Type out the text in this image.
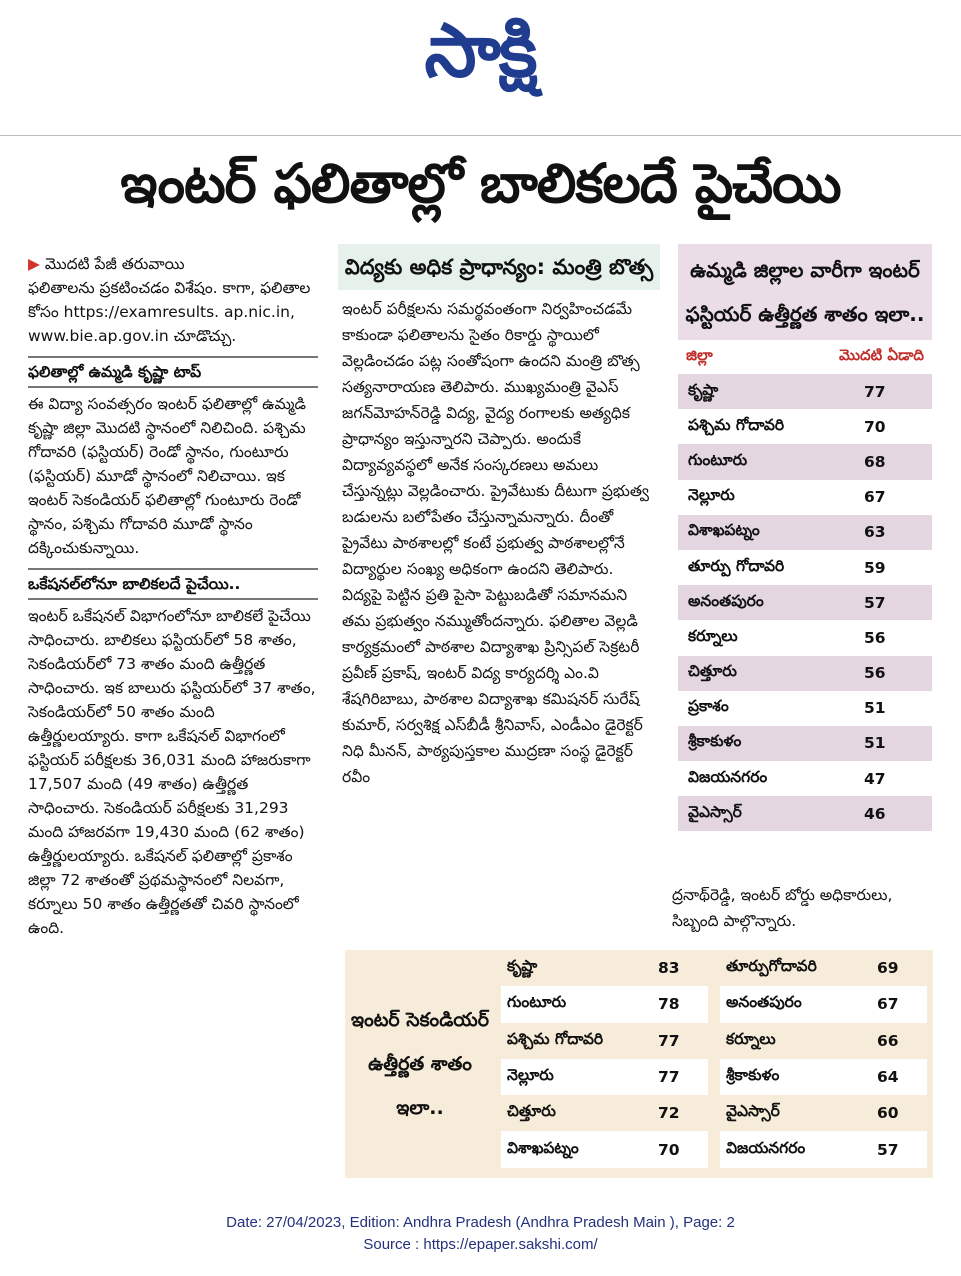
సాక్షి
ఇంటర్ ఫలితాల్లో బాలికలదే పైచేయి

▶ మొదటి పేజీ తరువాయి

ఫలితాలను ప్రకటించడం విశేషం. కాగా, ఫలితాల కోసం https://examresults. ap.nic.in, www.bie.ap.gov.in చూడొచ్చు.

ఫలితాల్లో ఉమ్మడి కృష్ణా టాప్

ఈ విద్యా సంవత్సరం ఇంటర్ ఫలితాల్లో ఉమ్మడి కృష్ణా జిల్లా మొదటి స్థానంలో నిలిచింది. పశ్చిమ గోదావరి (ఫస్టియర్) రెండో స్థానం, గుంటూరు (ఫస్టియర్) మూడో స్థానంలో నిలిచాయి. ఇక ఇంటర్ సెకండియర్ ఫలితాల్లో గుంటూరు రెండో స్థానం, పశ్చిమ గోదావరి మూడో స్థానం దక్కించుకున్నాయి.

ఒకేషనల్‌లోనూ బాలికలదే పైచేయి..

ఇంటర్ ఒకేషనల్ విభాగంలోనూ బాలికలే పైచేయి సాధించారు. బాలికలు ఫస్టియర్‌లో 58 శాతం, సెకండియర్‌లో 73 శాతం మంది ఉత్తీర్ణత సాధించారు. ఇక బాలురు ఫస్టియర్‌లో 37 శాతం, సెకండియర్‌లో 50 శాతం మంది ఉత్తీర్ణులయ్యారు. కాగా ఒకేషనల్ విభాగంలో ఫస్టియర్ పరీక్షలకు 36,031 మంది హాజరుకాగా 17,507 మంది (49 శాతం) ఉత్తీర్ణత సాధించారు. సెకండియర్ పరీక్షలకు 31,293 మంది హాజరవగా 19,430 మంది (62 శాతం) ఉత్తీర్ణులయ్యారు. ఒకేషనల్ ఫలితాల్లో ప్రకాశం జిల్లా 72 శాతంతో ప్రథమస్థానంలో నిలవగా, కర్నూలు 50 శాతం ఉత్తీర్ణతతో చివరి స్థానంలో ఉంది.

విద్యకు అధిక ప్రాధాన్యం: మంత్రి బొత్స

ఇంటర్ పరీక్షలను సమర్థవంతంగా నిర్వహించడమే కాకుండా ఫలితాలను సైతం రికార్డు స్థాయిలో వెల్లడించడం పట్ల సంతోషంగా ఉందని మంత్రి బొత్స సత్యనారాయణ తెలిపారు. ముఖ్యమంత్రి వైఎస్ జగన్‌మోహన్‌రెడ్డి విద్య, వైద్య రంగాలకు అత్యధిక ప్రాధాన్యం ఇస్తున్నారని చెప్పారు. అందుకే విద్యావ్యవస్థలో అనేక సంస్కరణలు అమలు చేస్తున్నట్లు వెల్లడించారు. ప్రైవేటుకు దీటుగా ప్రభుత్వ బడులను బలోపేతం చేస్తున్నామన్నారు. దీంతో ప్రైవేటు పాఠశాలల్లో కంటే ప్రభుత్వ పాఠశాలల్లోనే విద్యార్థుల సంఖ్య అధికంగా ఉందని తెలిపారు. విద్యపై పెట్టిన ప్రతి పైసా పెట్టుబడితో సమానమని తమ ప్రభుత్వం నమ్ముతోందన్నారు. ఫలితాల వెల్లడి కార్యక్రమంలో పాఠశాల విద్యాశాఖ ప్రిన్సిపల్ సెక్రటరీ ప్రవీణ్ ప్రకాష్, ఇంటర్ విద్య కార్యదర్శి ఎం.వి శేషగిరిబాబు, పాఠశాల విద్యాశాఖ కమిషనర్ సురేష్ కుమార్, సర్వశిక్ష ఎస్‌బీడీ శ్రీనివాస్, ఎండీఎం డైరెక్టర్ నిధి మీనన్, పాఠ్యపుస్తకాల ముద్రణా సంస్థ డైరెక్టర్ రవీం

ఉమ్మడి జిల్లాల వారీగా ఇంటర్ ఫస్టియర్ ఉత్తీర్ణత శాతం ఇలా..
జిల్లా	మొదటి ఏడాది
కృష్ణా	77
పశ్చిమ గోదావరి	70
గుంటూరు	68
నెల్లూరు	67
విశాఖపట్నం	63
తూర్పు గోదావరి	59
అనంతపురం	57
కర్నూలు	56
చిత్తూరు	56
ప్రకాశం	51
శ్రీకాకుళం	51
విజయనగరం	47
వైఎస్సార్	46
ద్రనాథ్‌రెడ్డి, ఇంటర్ బోర్డు అధికారులు, సిబ్బంది పాల్గొన్నారు.
ఇంటర్ సెకండియర్ ఉత్తీర్ణత శాతం ఇలా..
కృష్ణా	83
గుంటూరు	78
పశ్చిమ గోదావరి	77
నెల్లూరు	77
చిత్తూరు	72
విశాఖపట్నం	70
తూర్పుగోదావరి	69
అనంతపురం	67
కర్నూలు	66
శ్రీకాకుళం	64
వైఎస్సార్	60
విజయనగరం	57
Date: 27/04/2023, Edition: Andhra Pradesh (Andhra Pradesh Main ), Page: 2
Source : https://epaper.sakshi.com/
